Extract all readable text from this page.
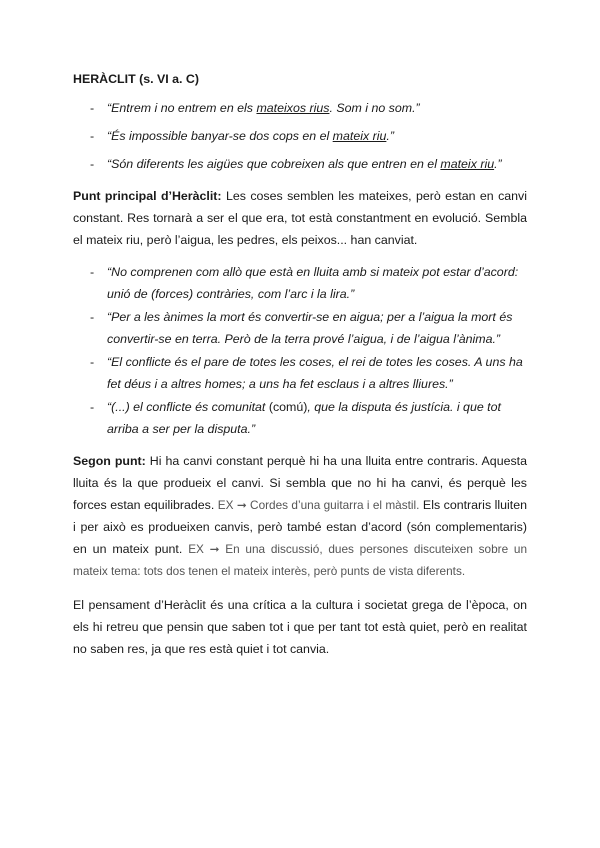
HERÀCLIT (s. VI a. C)
- “Entrem i no entrem en els mateixos rius. Som i no som.”
- “És impossible banyar-se dos cops en el mateix riu.”
- “Són diferents les aigües que cobreixen als que entren en el mateix riu.”

Punt principal d’Heràclit: Les coses semblen les mateixes, però estan en canvi constant. Res tornarà a ser el que era, tot està constantment en evolució. Sembla el mateix riu, però l’aigua, les pedres, els peixos... han canviat.

- “No comprenen com allò que està en lluita amb si mateix pot estar d’acord: unió de (forces) contràries, com l’arc i la lira.”
- “Per a les ànimes la mort és convertir-se en aigua; per a l’aigua la mort és convertir-se en terra. Però de la terra prové l’aigua, i de l’aigua l’ànima.”
- “El conflicte és el pare de totes les coses, el rei de totes les coses. A uns ha fet déus i a altres homes; a uns ha fet esclaus i a altres lliures.”
- “(...) el conflicte és comunitat (comú), que la disputa és justícia. i que tot arriba a ser per la disputa.”

Segon punt: Hi ha canvi constant perquè hi ha una lluita entre contraris. Aquesta lluita és la que produeix el canvi. Si sembla que no hi ha canvi, és perquè les forces estan equilibrades. EX ➞ Cordes d’una guitarra i el màstil. Els contraris lluiten i per això es produeixen canvis, però també estan d’acord (són complementaris) en un mateix punt. EX ➞ En una discussió, dues persones discuteixen sobre un mateix tema: tots dos tenen el mateix interès, però punts de vista diferents.

El pensament d’Heràclit és una crítica a la cultura i societat grega de l’època, on els hi retreu que pensin que saben tot i que per tant tot està quiet, però en realitat no saben res, ja que res està quiet i tot canvia.
